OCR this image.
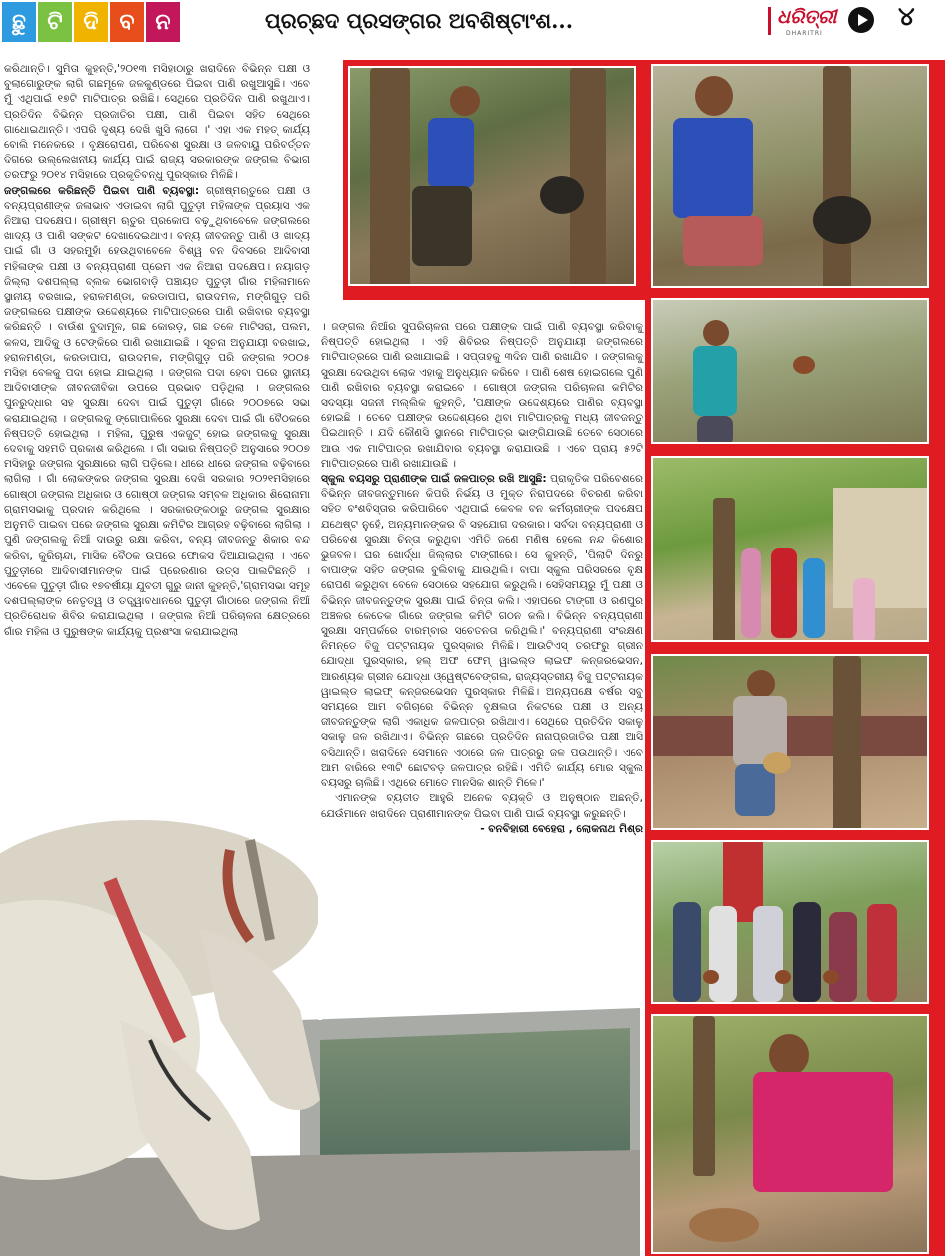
ଛୁ ଟି ଦି ବ ନ	ପ୍ରଚ୍ଛଦ ପ୍ରସଙ୍ଗର ଅବଶିଷ୍ଟାଂଶ...	ଧରିତ୍ରୀ
DHARITRI
୪

କରିଥାନ୍ତି। ସୁମିତା କୁହନ୍ତି,'୨୦୧୩ ମସିହାଠାରୁ ଖରାଦିନେ ବିଭିନ୍ନ ପକ୍ଷୀ ଓ ବୁଲାଗୋରୁଙ୍କ ଲାଗି ଗଛମୂଳେ ଜଳକୁଣ୍ଡରେ ପିଇବା ପାଣି ରଖୁଆସୁଛି। ଏବେ ମୁଁ ଏଥିପାଇଁ ୧୭ଟି ମାଟିପାତ୍ର ରଖିଛି। ସେଥିରେ ପ୍ରତିଦିନ ପାଣି ରଖୁଥାଏ। ପ୍ରତିଦିନ ବିଭିନ୍ନ ପ୍ରଜାତିର ପକ୍ଷୀ, ପାଣି ପିଇବା ସହିତ ସେଥିରେ ଗାଧୋଇଥାନ୍ତି। ଏପରି ଦୃଶ୍ୟ ଦେଖି ଖୁସି ଲାଗେ ।' ଏହା ଏକ ମହତ୍ କାର୍ଯ୍ୟ ବୋଲି ମନେକରେ । ବୃକ୍ଷରୋପଣ, ପରିବେଶ ସୁରକ୍ଷା ଓ ଜଳବାୟୁ ପରିବର୍ତ୍ତନ ଦିଗରେ ଉଲ୍ଲେଖନୀୟ କାର୍ଯ୍ୟ ପାଇଁ ରାଜ୍ୟ ସରକାରଙ୍କ ଜଙ୍ଗଲ ବିଭାଗ ତରଫରୁ ୨୦୧୪ ମସିହାରେ ପ୍ରକୃତିବନ୍ଧୁ ପୁରସ୍କାର ମିଳିଛି।

ଜଙ୍ଗଲରେ କରିଛନ୍ତି ପିଇବା ପାଣି ବ୍ୟବସ୍ଥା: ଗ୍ରୀଷ୍ମଋତୁରେ ପକ୍ଷୀ ଓ ବନ୍ୟପ୍ରାଣୀଙ୍କ ଜଳାଭାବ ଏଡାଇବା ଲାଗି ପୁତୁଡ଼ୀ ମହିଳାଙ୍କ ପ୍ରୟାସ ଏକ ନିଆରା ପଦକ୍ଷେପ। ଗ୍ରୀଷ୍ମ ଋତୁର ପ୍ରକୋପ ବଢ଼ୁଥିବାବେଳେ ଜଙ୍ଗଲରେ ଖାଦ୍ୟ ଓ ପାଣି ସଙ୍କଟ ଦେଖାଦେଇଥାଏ। ବନ୍ୟ ଜୀବଜନ୍ତୁ ପାଣି ଓ ଖାଦ୍ୟ ପାଇଁ ଗାଁ ଓ ସହରମୁହାଁ ହେଉଥିବାବେଳେ ବିଶ୍ୱ ବନ ଦିବସରେ ଆଦିବାସୀ ମହିଳାଙ୍କ ପକ୍ଷୀ ଓ ବନ୍ୟପ୍ରାଣୀ ପ୍ରେମ ଏକ ନିଆରା ପଦକ୍ଷେପ। ନୟାଗଡ଼ ଜିଲ୍ଲା ଦଶପଲ୍ଲା ବ୍ଲକ ଭୋଗବାଡ଼ି ପଞ୍ଚାୟତ ପୁତୁଡ଼ୀ ଗାଁର ମହିଳାମାନେ ସ୍ଥାନୀୟ ବରଖାଇ, ହରାଳମଣ୍ଡା, କରଡାପାପ, ରାଉଦମଳ, ମଙ୍ଗିଗୁଡ଼ ପରି ଜଙ୍ଗଲରେ ପକ୍ଷୀଙ୍କ ଉଦ୍ଦେଶ୍ୟରେ ମାଟିପାତ୍ରରେ ପାଣି ରଖିବାର ବ୍ୟବସ୍ଥା କରିଛନ୍ତି । ବାଉଁଶ ବୁଦାମୂଳ, ଗଛ କୋରଡ଼, ଗଛ ତଳେ ମାଟିସରା, ପଲମ, କଳସ, ଆଦିକୁ ଓ ଟେଙ୍କିରେ ପାଣି ରଖାଯାଇଛି । ସୂଚନା ଅନୁଯାୟୀ ବରଖାଇ, ହରାଳମଣ୍ଡା, କରଡାପାପ, ରାଉଦମଳ, ମଙ୍ଗିଗୁଡ଼ ପରି ଜଙ୍ଗଲ ୨୦୦୫ ମସିହା ବେଳକୁ ପଦା ହୋଇ ଯାଇଥିଲା । ଜଙ୍ଗଲ ପଦା ହେବା ପରେ ସ୍ଥାନୀୟ ଆଦିବାସୀଙ୍କ ଜୀବନଜୀବିକା ଉପରେ ପ୍ରଭାବ ପଡ଼ିଥିଲା । ଜଙ୍ଗଲର ପୁନରୁଦ୍ଧାର ସହ ସୁରକ୍ଷା ଦେବା ପାଇଁ ପୁତୁଡ଼ୀ ଗାଁରେ ୨୦୦୭ରେ ସଭା କରାଯାଇଥିଲା । ଜଙ୍ଗଲକୁ ଙ୍ଗୋପାଳିରେ ସୁରକ୍ଷା ଦେବା ପାଇଁ ଗାଁ ବୈଠକରେ ନିଷ୍ପତ୍ତି ହୋଇଥିଲା । ମହିଳା, ପୁରୁଷ ଏକଜୁଟ୍ ହୋଇ ଜଙ୍ଗଲକୁ ସୁରକ୍ଷା ଦେବାକୁ ସହମତି ପ୍ରକାଶ କରିଥିଲେ । ଗାଁ ସଭାର ନିଷ୍ପତ୍ତି ଅନୁସାରେ ୨୦୦୭ ମସିହାରୁ ଜଙ୍ଗଲ ସୁରକ୍ଷାରେ ଲାଗି ପଡ଼ିଲେ। ଧୀରେ ଧୀରେ ଜଙ୍ଗଲ ବଢ଼ିବାରେ ଲାଗିଲା । ଗାଁ ଲୋକଙ୍କର ଜଙ୍ଗଲ ସୁରକ୍ଷା ଦେଖି ସରକାର ୨୦୨୧ମସିହାରେ ଗୋଷ୍ଠୀ ଜଙ୍ଗଲ ଅଧିକାର ଓ ଗୋଷ୍ଠୀ ଜଙ୍ଗଲ ସମ୍ବଳ ଅଧିକାର ଶିରୋନାମା ଗ୍ରାମସଭାକୁ ପ୍ରଦାନ କରିଥିଲେ । ସରକାରଙ୍କଠାରୁ ଜଙ୍ଗଲ ସୁରକ୍ଷାର ଅନୁମତି ପାଇବା ପରେ ଜଙ୍ଗଲ ସୁରକ୍ଷା କମିଟିର ଆଗ୍ରହ ବଢ଼ିବାରେ ଲାଗିଲା । ପୁଣି ଜଙ୍ଗଲକୁ ନିଆଁ ଦାଉରୁ ରକ୍ଷା କରିବା, ବନ୍ୟ ଜୀବଜନ୍ତୁ ଶିକାର ବନ୍ଦ କରିବା, କୁରିଚାନ୍ଦା, ମାସିକ ବୈଠକ ଉପରେ ଫୋକସ ଦିଆଯାଇଥିଲା । ଏବେ ପୁତୁଡ଼ୀରେ ଆଦିବାସୀମାନଙ୍କ ପାଇଁ ପ୍ରେରଣାର ଉତ୍ସ ପାଲଟିଛନ୍ତି । ଏବେଳେ ପୁତୁଡ଼ୀ ଗାଁର ୧୭ବର୍ଷୀୟା ଯୁବତୀ ଗୁରୁ ଜାନୀ କୁହନ୍ତି,'ଗ୍ରାମସଭା ସମୂହ ଦଶପଲ୍ଲାଙ୍କ ନେତୃତ୍ୱ ଓ ତତ୍ତ୍ୱାବଧାନରେ ପୁତୁଡ଼ୀ ଗାଁଠାରେ ଜଙ୍ଗଲ ନିଆଁ ପ୍ରତିରୋଧକ ଶିବିର କରାଯାଇଥିଲା । ଜଙ୍ଗଲ ନିଆଁ ପରିଚାଳନା କ୍ଷେତ୍ରରେ ଗାଁର ମହିଳା ଓ ପୁରୁଷଙ୍କ କାର୍ଯ୍ୟକୁ ପ୍ରଶଂସା କରାଯାଇଥିଲା

। ଜଙ୍ଗଲ ନିଆଁର ସୁପରିଚାଳନା ପରେ ପକ୍ଷୀଙ୍କ ପାଇଁ ପାଣି ବ୍ୟବସ୍ଥା କରିବାକୁ ନିଷ୍ପତ୍ତି ହୋଇଥିଲା । ଏହି ଶିବିରର ନିଷ୍ପତ୍ତି ଅନୁଯାୟୀ ଜଙ୍ଗଲରେ ମାଟିପାତ୍ରରେ ପାଣି ରଖାଯାଇଛି । ସପ୍ତାହକୁ ୩ଦିନ ପାଣି ରଖାଯିବ । ଜଙ୍ଗଲକୁ ସୁରକ୍ଷା ଦେଉଥିବା ଲୋକ ଏହାକୁ ଅନୁଧ୍ୟାନ କରିବେ । ପାଣି ଶେଷ ହୋଇଗଲେ ପୁଣି ପାଣି ରଖିବାର ବ୍ୟବସ୍ଥା କରାଇବେ । ଗୋଷ୍ଠୀ ଜଙ୍ଗଲ ପରିଚାଳନା କମିଟିର ସଦସ୍ୟା ସଜନୀ ମଲ୍ଲିକ କୁହନ୍ତି, 'ପକ୍ଷୀଙ୍କ ଉଦ୍ଦେଶ୍ୟରେ ପାଣିର ବ୍ୟବସ୍ଥା ହୋଇଛି । ତେବେ ପକ୍ଷୀଙ୍କ ଉଦ୍ଦେଶ୍ୟରେ ଥିବା ମାଟିପାତ୍ରକୁ ମଧ୍ୟ ଜୀବଜନ୍ତୁ ପିଇଥାନ୍ତି । ଯଦି କୌଣସି ସ୍ଥାନରେ ମାଟିପାତ୍ର ଭାଙ୍ଗିଯାଉଛି ତେବେ ସେଠାରେ ଆଉ ଏକ ମାଟିପାତ୍ର ରଖାଯିବାର ବ୍ୟବସ୍ଥା କରାଯାଉଛି । ଏବେ ପ୍ରାୟ ୫୨ଟି ମାଟିପାତ୍ରରେ ପାଣି ରଖାଯାଉଛି ।

ସ୍କୁଲ ବୟସରୁ ପ୍ରାଣୀଙ୍କ ପାଇଁ ଜଳପାତ୍ର ରଖି ଆସୁଛି: ପ୍ରାକୃତିକ ପରିବେଶରେ ବିଭିନ୍ନ ଜୀବଜନ୍ତୁମାନେ କିପରି ନିର୍ଭୟ ଓ ମୁକ୍ତ ନିରାପଦରେ ବିଚରଣ କରିବା ସହିତ ବଂଶବିସ୍ତାର କରିପାରିବେ ଏଥିପାଇଁ କେବଳ ବନ କର୍ମଚାରୀଙ୍କ ପଦକ୍ଷେପ ଯଥେଷ୍ଟ ନୁହେଁ, ଅନ୍ୟମାନଙ୍କର ବି ସହଯୋଗ ଦରକାର। ସର୍ବଦା ବନ୍ୟପ୍ରାଣୀ ଓ ପରିବେଶ ସୁରକ୍ଷା ଚିନ୍ତା କରୁଥିବା ଏମିତି ଜଣେ ମଣିଷ ହେଲେ ନନ୍ଦ କିଶୋର ଭୁଜବଳ। ଘର ଖୋର୍ଦ୍ଧା ଜିଲ୍ଲାର ଟାଙ୍ଗୀରେ। ସେ କୁହନ୍ତି, 'ପିଲାଟି ଦିନରୁ ବାପାଙ୍କ ସହିତ ଜଙ୍ଗଲ ବୁଲିବାକୁ ଯାଉଥିଲି। ବାପା ସ୍କୁଲ ପରିସରରେ ବୃକ୍ଷ ରୋପଣ କରୁଥିବା ବେଳେ ସେଠାରେ ସହଯୋଗ କରୁଥିଲି। ସେହିସମୟରୁ ମୁଁ ପକ୍ଷୀ ଓ ବିଭିନ୍ନ ଜୀବଜନ୍ତୁଙ୍କ ସୁରକ୍ଷା ପାଇଁ ଚିନ୍ତା କଲି। ଏହାପରେ ଟାଙ୍ଗୀ ଓ ରଣପୁର ଅଞ୍ଚଳର କେତେକ ଗାଁରେ ଜଙ୍ଗଲ କମିଟି ଗଠନ କଲି। ବିଭିନ୍ନ ବନ୍ୟପ୍ରାଣୀ ସୁରକ୍ଷା ସମ୍ପର୍କରେ ବାରମ୍ବାର ସଚେତନତା କରିଥିଲି।' ବନ୍ୟପ୍ରାଣୀ ସଂରକ୍ଷଣ ନିମନ୍ତେ ବିଜୁ ପଟ୍ଟନାୟକ ପୁରସ୍କାର ମିଳିଛି। ଆଉଟିଏସ୍ ତରଫରୁ ଗ୍ରୀନ ଯୋଦ୍ଧା ପୁରସ୍କାର, ହଲ୍ ଅଫ ଫେମ୍ ୱାଇଲ୍ଡ ଲାଇଫ କନ୍ଜରଭେସନ, ଆରଣ୍ୟକ ଗ୍ରୀନ ଯୋଦ୍ଧା ଓ୍ୱେଷ୍ଟବେଙ୍ଗଲ, ରାଜ୍ୟସ୍ତରୀୟ ବିଜୁ ପଟ୍ଟନାୟକ ୱାଇଲ୍ଡ ଲାଇଫ୍ କନ୍ଜରଭେସନ ପୁରସ୍କାର ମିଳିଛି। ଅନ୍ୟପକ୍ଷେ ବର୍ଷର ସବୁ ସମୟରେ ଆମ ବଗିଚାରେ ବିଭିନ୍ନ ବୃକ୍ଷଲତା ନିକଟରେ ପକ୍ଷୀ ଓ ଅନ୍ୟ ଜୀବଜନ୍ତୁଙ୍କ ଲାଗି ଏକାଧିକ ଜଳପାତ୍ର ରଖିଥାଏ। ସେଥିରେ ପ୍ରତିଦିନ ସକାଳୁ ସକାଳୁ ଜଳ ରଖିଥାଏ। ବିଭିନ୍ନ ଗଛରେ ପ୍ରତିଦିନ ନାନାପ୍ରଜାତିର ପକ୍ଷୀ ଆସି ବସିଥାନ୍ତି। ଖରାଦିନେ ସେମାନେ ଏଠାରେ ଜଳ ପାତ୍ରରୁ ଜଳ ପଉଥାନ୍ତି। ଏବେ ଆମ ବାରିରେ ୧୩ଟି ଛୋଟବଡ଼ ଜଳପାତ୍ର ରହିଛି। ଏମିତି କାର୍ଯ୍ୟ ମୋର ସ୍କୁଲ ବୟସରୁ ଚାଲିଛି। ଏଥିରେ ମୋତେ ମାନସିକ ଶାନ୍ତି ମିଳେ।'

ଏମାନଙ୍କ ବ୍ୟତୀତ ଆହୁରି ଅନେକ ବ୍ୟକ୍ତି ଓ ଅନୁଷ୍ଠାନ ଅଛନ୍ତି, ଯେଉଁମାନେ ଖରାଦିନେ ପ୍ରାଣୀମାନଙ୍କ ପିଇବା ପାଣି ପାଇଁ ବ୍ୟବସ୍ଥା କରୁଛନ୍ତି।

- ବନବିହାରୀ ବେହେରା , ଲୋକନାଥ ମିଶ୍ର
